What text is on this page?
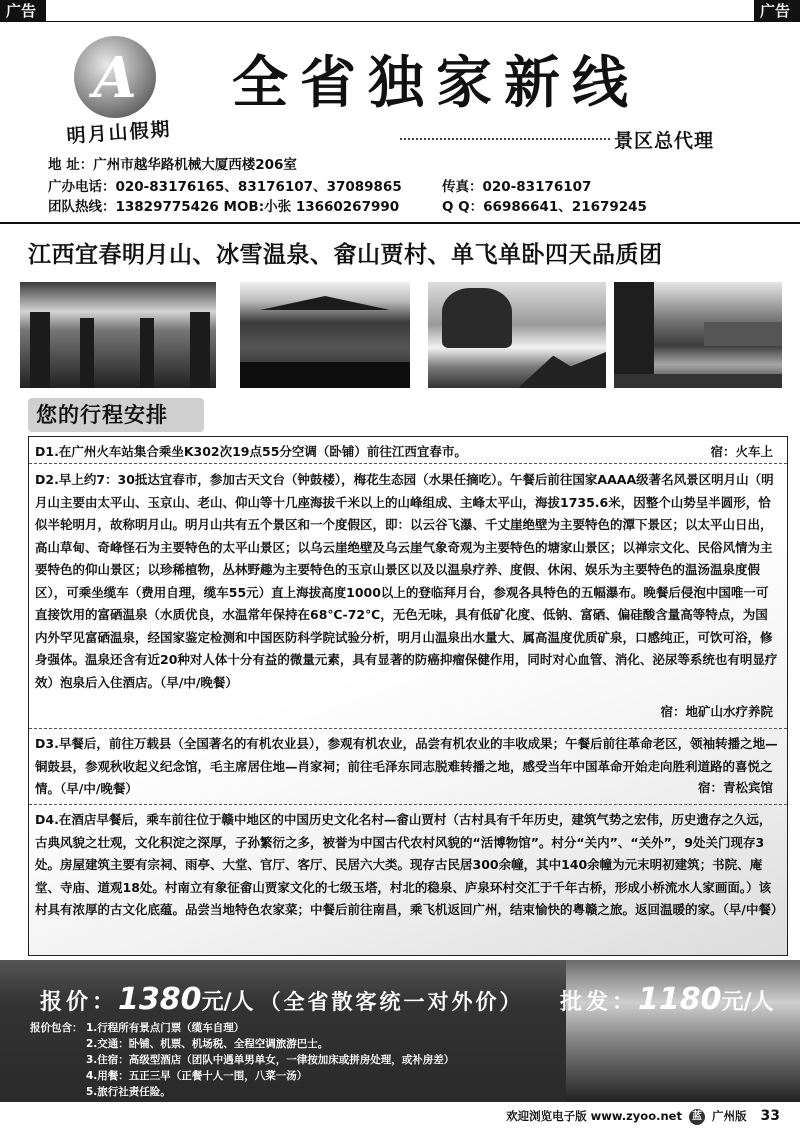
广告	广告
A
明月山假期
全省独家新线
景区总代理
地 址：广州市越华路机械大厦西楼206室
广办电话：020-83176165、83176107、37089865	传真：020-83176107
团队热线：13829775426 MOB:小张 13660267990	Q Q：66986641、21679245
江西宜春明月山、冰雪温泉、畲山贾村、单飞单卧四天品质团
您的行程安排
D1.在广州火车站集合乘坐K302次19点55分空调（卧铺）前往江西宜春市。	宿：火车上
D2.早上约7：30抵达宜春市，参加古天文台（钟鼓楼），梅花生态园（水果任摘吃）。午餐后前往国家AAAA级著名风景区明月山（明月山主要由太平山、玉京山、老山、仰山等十几座海拔千米以上的山峰组成、主峰太平山，海拔1735.6米，因整个山势呈半圆形，恰似半轮明月，故称明月山。明月山共有五个景区和一个度假区，即：以云谷飞瀑、千丈崖绝壁为主要特色的潭下景区；以太平山日出，高山草甸、奇峰怪石为主要特色的太平山景区；以乌云崖绝壁及乌云崖气象奇观为主要特色的塘家山景区；以禅宗文化、民俗风情为主要特色的仰山景区；以珍稀植物，丛林野趣为主要特色的玉京山景区以及以温泉疗养、度假、休闲、娱乐为主要特色的温汤温泉度假区），可乘坐缆车（费用自理，缆车55元）直上海拔高度1000以上的登临拜月台，参观各具特色的五幅瀑布。晚餐后侵泡中国唯一可直接饮用的富硒温泉（水质优良，水温常年保持在68℃-72℃，无色无味，具有低矿化度、低钠、富硒、偏硅酸含量高等特点，为国内外罕见富硒温泉，经国家鉴定检测和中国医防科学院试验分析，明月山温泉出水量大、属高温度优质矿泉，口感纯正，可饮可浴，修身强体。温泉还含有近20种对人体十分有益的微量元素，具有显著的防癌抑瘤保健作用，同时对心血管、消化、泌尿等系统也有明显疗效）泡泉后入住酒店。（早/中/晚餐）
宿：地矿山水疗养院
D3.早餐后，前往万载县（全国著名的有机农业县），参观有机农业，品尝有机农业的丰收成果；午餐后前往革命老区，领袖转播之地—铜鼓县，参观秋收起义纪念馆，毛主席居住地—肖家祠；前往毛泽东同志脱难转播之地，感受当年中国革命开始走向胜利道路的喜悦之情。（早/中/晚餐）	宿：青松宾馆
D4.在酒店早餐后，乘车前往位于赣中地区的中国历史文化名村—畲山贾村（古村具有千年历史，建筑气势之宏伟，历史遗存之久远，古典风貌之壮观，文化积淀之深厚，子孙繁衍之多，被誉为中国古代农村风貌的“活博物馆”。村分“关内”、“关外”，9处关门现存3处。房屋建筑主要有宗祠、雨亭、大堂、官厅、客厅、民居六大类。现存古民居300余幢，其中140余幢为元末明初建筑；书院、庵堂、寺庙、道观18处。村南立有象征畲山贾家文化的七级玉塔，村北的稳泉、庐泉环村交汇于千年古桥，形成小桥流水人家画面。）该村具有浓厚的古文化底蕴。品尝当地特色农家菜；中餐后前往南昌，乘飞机返回广州，结束愉快的粤赣之旅。返回温暖的家。（早/中餐）
报价：1380元/人 （全省散客统一对外价） 批发：1180元/人
报价包含： 1.行程所有景点门票（缆车自理）
2.交通：卧铺、机票、机场税、全程空调旅游巴士。
3.住宿：高级型酒店（团队中遇单男单女，一律按加床或拼房处理，或补房差）
4.用餐：五正三早（正餐十人一围，八菜一汤）
5.旅行社责任险。
欢迎浏览电子版 www.zyoo.net 蓝 广州版 33
